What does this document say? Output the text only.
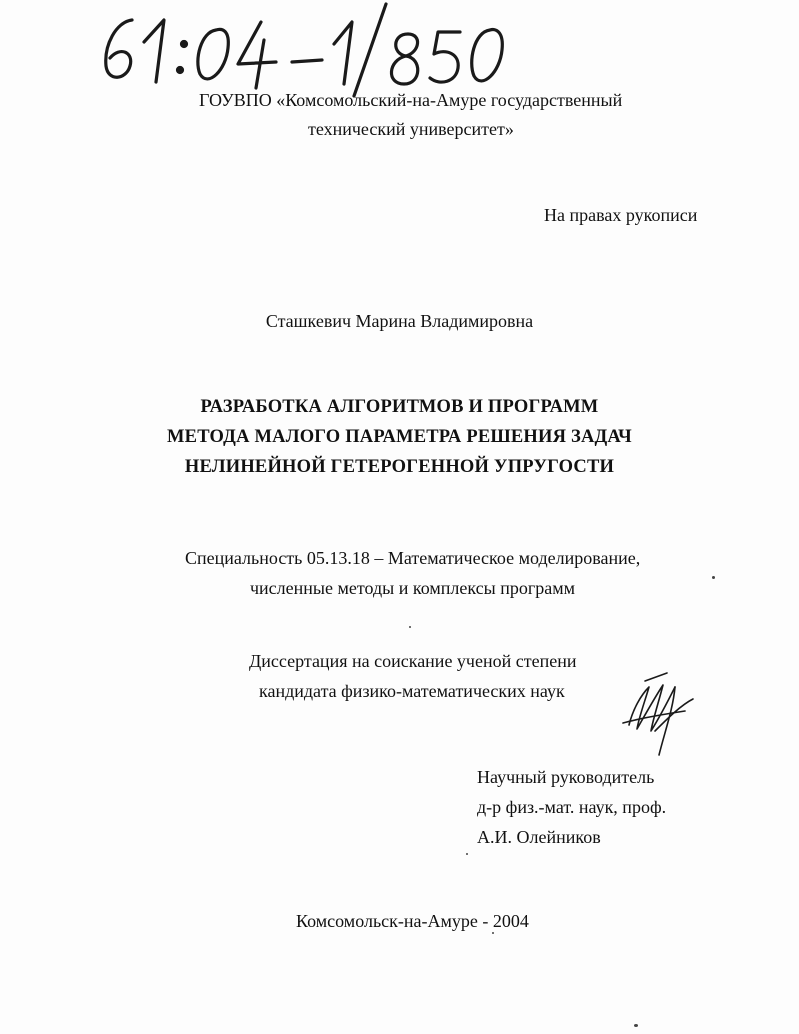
ГОУВПО «Комсомольский-на-Амуре государственный
технический университет»
На правах рукописи
Сташкевич Марина Владимировна
РАЗРАБОТКА АЛГОРИТМОВ И ПРОГРАММ
МЕТОДА МАЛОГО ПАРАМЕТРА РЕШЕНИЯ ЗАДАЧ
НЕЛИНЕЙНОЙ ГЕТЕРОГЕННОЙ УПРУГОСТИ
Специальность 05.13.18 – Математическое моделирование,
численные методы и комплексы программ
Диссертация на соискание ученой степени
кандидата физико-математических наук
Научный руководитель
д-р физ.-мат. наук, проф.
А.И. Олейников
Комсомольск-на-Амуре - 2004
